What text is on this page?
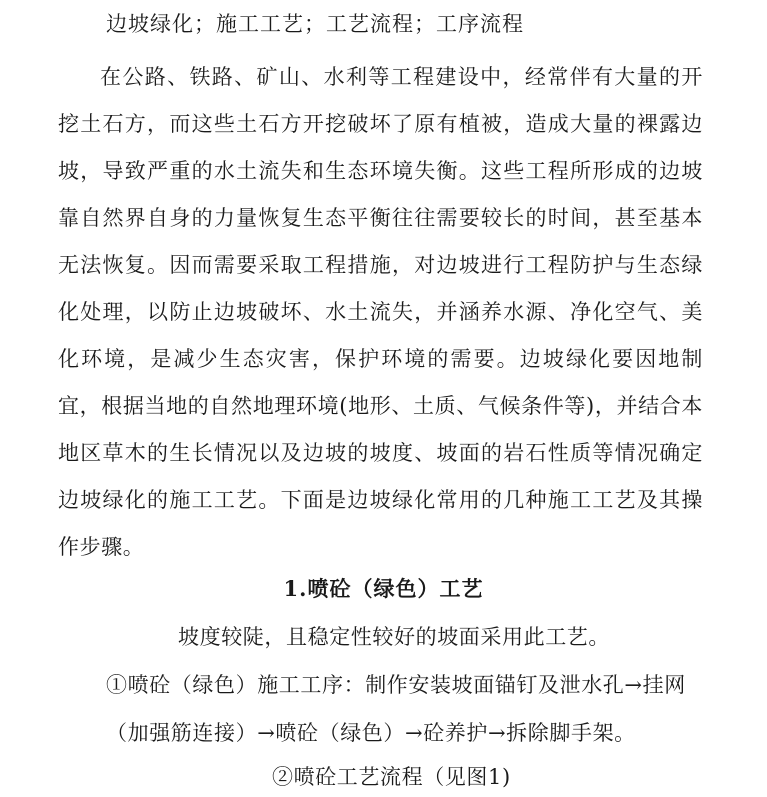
边坡绿化；施工工艺；工艺流程；工序流程

在公路、铁路、矿山、水利等工程建设中，经常伴有大量的开挖土石方，而这些土石方开挖破坏了原有植被，造成大量的裸露边坡，导致严重的水土流失和生态环境失衡。这些工程所形成的边坡靠自然界自身的力量恢复生态平衡往往需要较长的时间，甚至基本无法恢复。因而需要采取工程措施，对边坡进行工程防护与生态绿化处理，以防止边坡破坏、水土流失，并涵养水源、净化空气、美化环境，是减少生态灾害，保护环境的需要。边坡绿化要因地制宜，根据当地的自然地理环境(地形、土质、气候条件等)，并结合本地区草木的生长情况以及边坡的坡度、坡面的岩石性质等情况确定边坡绿化的施工工艺。下面是边坡绿化常用的几种施工工艺及其操作步骤。

1.喷砼（绿色）工艺

坡度较陡，且稳定性较好的坡面采用此工艺。

①喷砼（绿色）施工工序：制作安装坡面锚钉及泄水孔→挂网

（加强筋连接）→喷砼（绿色）→砼养护→拆除脚手架。

②喷砼工艺流程（见图1)
